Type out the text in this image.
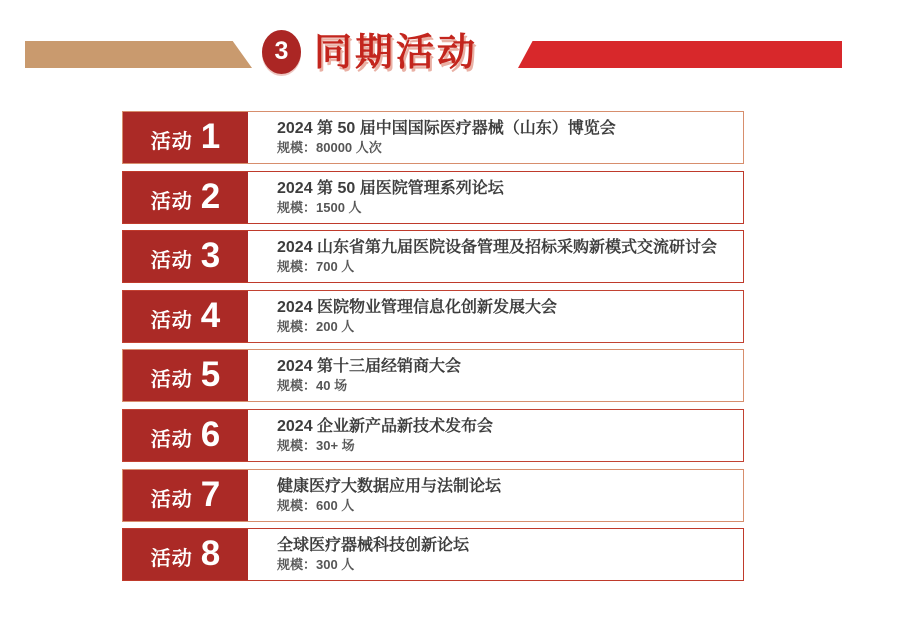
3 同期活动
活动 1	2024 第 50 届中国国际医疗器械（山东）博览会
规模：80000 人次
活动 2	2024 第 50 届医院管理系列论坛
规模：1500 人
活动 3	2024 山东省第九届医院设备管理及招标采购新模式交流研讨会
规模：700 人
活动 4	2024 医院物业管理信息化创新发展大会
规模：200 人
活动 5	2024 第十三届经销商大会
规模：40 场
活动 6	2024 企业新产品新技术发布会
规模：30+ 场
活动 7	健康医疗大数据应用与法制论坛
规模：600 人
活动 8	全球医疗器械科技创新论坛
规模：300 人
